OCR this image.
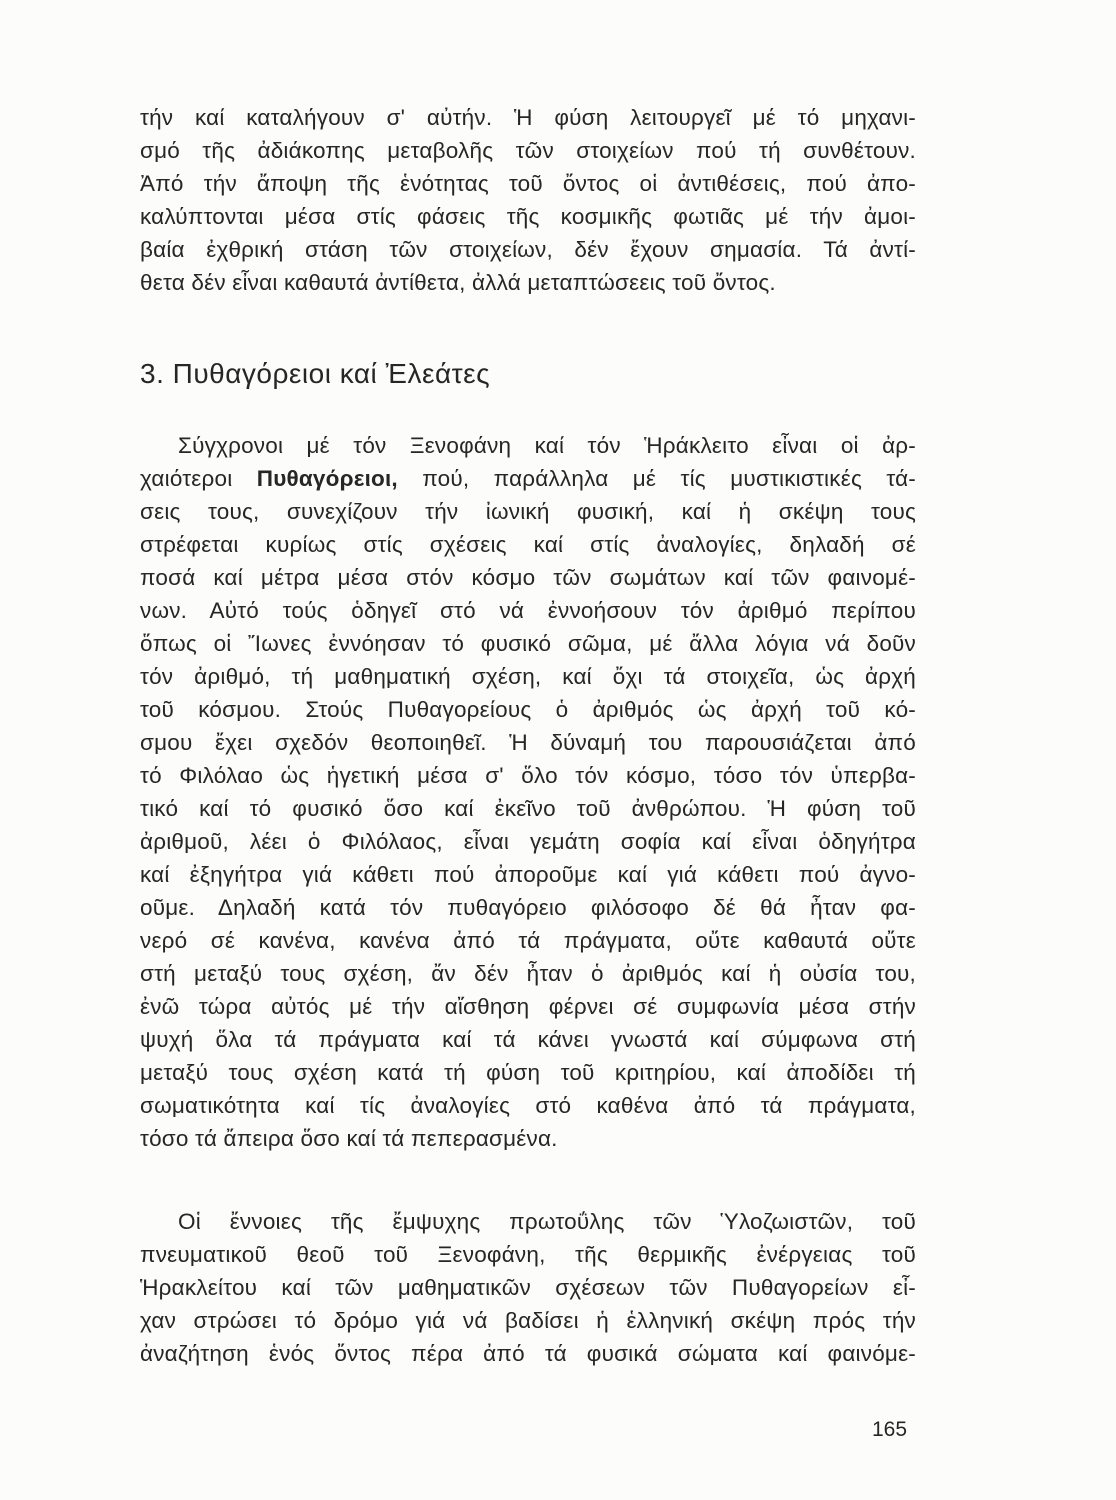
τήν καί καταλήγουν σ' αὐτήν. Ἡ φύση λειτουργεῖ μέ τό μηχανι-
σμό τῆς ἀδιάκοπης μεταβολῆς τῶν στοιχείων πού τή συνθέτουν.
Ἀπό τήν ἄποψη τῆς ἑνότητας τοῦ ὄντος οἱ ἀντιθέσεις, πού ἀπο-
καλύπτονται μέσα στίς φάσεις τῆς κοσμικῆς φωτιᾶς μέ τήν ἀμοι-
βαία ἐχθρική στάση τῶν στοιχείων, δέν ἔχουν σημασία. Τά ἀντί-
θετα δέν εἶναι καθαυτά ἀντίθετα, ἀλλά μεταπτώσεεις τοῦ ὄντος.
3. Πυθαγόρειοι καί Ἐλεάτες
Σύγχρονοι μέ τόν Ξενοφάνη καί τόν Ἡράκλειτο εἶναι οἱ ἀρ-
χαιότεροι Πυθαγόρειοι, πού, παράλληλα μέ τίς μυστικιστικές τά-
σεις τους, συνεχίζουν τήν ἰωνική φυσική, καί ἡ σκέψη τους
στρέφεται κυρίως στίς σχέσεις καί στίς ἀναλογίες, δηλαδή σέ
ποσά καί μέτρα μέσα στόν κόσμο τῶν σωμάτων καί τῶν φαινομέ-
νων. Αὐτό τούς ὁδηγεῖ στό νά ἐννοήσουν τόν ἀριθμό περίπου
ὅπως οἱ Ἴωνες ἐννόησαν τό φυσικό σῶμα, μέ ἄλλα λόγια νά δοῦν
τόν ἀριθμό, τή μαθηματική σχέση, καί ὄχι τά στοιχεῖα, ὡς ἀρχή
τοῦ κόσμου. Στούς Πυθαγορείους ὁ ἀριθμός ὡς ἀρχή τοῦ κό-
σμου ἔχει σχεδόν θεοποιηθεῖ. Ἡ δύναμή του παρουσιάζεται ἀπό
τό Φιλόλαο ὡς ἡγετική μέσα σ' ὅλο τόν κόσμο, τόσο τόν ὑπερβα-
τικό καί τό φυσικό ὅσο καί ἐκεῖνο τοῦ ἀνθρώπου. Ἡ φύση τοῦ
ἀριθμοῦ, λέει ὁ Φιλόλαος, εἶναι γεμάτη σοφία καί εἶναι ὁδηγήτρα
καί ἐξηγήτρα γιά κάθετι πού ἀποροῦμε καί γιά κάθετι πού ἀγνο-
οῦμε. Δηλαδή κατά τόν πυθαγόρειο φιλόσοφο δέ θά ἦταν φα-
νερό σέ κανένα, κανένα ἀπό τά πράγματα, οὔτε καθαυτά οὔτε
στή μεταξύ τους σχέση, ἄν δέν ἦταν ὁ ἀριθμός καί ἡ οὐσία του,
ἐνῶ τώρα αὐτός μέ τήν αἴσθηση φέρνει σέ συμφωνία μέσα στήν
ψυχή ὅλα τά πράγματα καί τά κάνει γνωστά καί σύμφωνα στή
μεταξύ τους σχέση κατά τή φύση τοῦ κριτηρίου, καί ἀποδίδει τή
σωματικότητα καί τίς ἀναλογίες στό καθένα ἀπό τά πράγματα,
τόσο τά ἄπειρα ὅσο καί τά πεπερασμένα.
Οἱ ἔννοιες τῆς ἔμψυχης πρωτοΰλης τῶν Ὑλοζωιστῶν, τοῦ
πνευματικοῦ θεοῦ τοῦ Ξενοφάνη, τῆς θερμικῆς ἐνέργειας τοῦ
Ἡρακλείτου καί τῶν μαθηματικῶν σχέσεων τῶν Πυθαγορείων εἶ-
χαν στρώσει τό δρόμο γιά νά βαδίσει ἡ ἑλληνική σκέψη πρός τήν
ἀναζήτηση ἑνός ὄντος πέρα ἀπό τά φυσικά σώματα καί φαινόμε-
165
